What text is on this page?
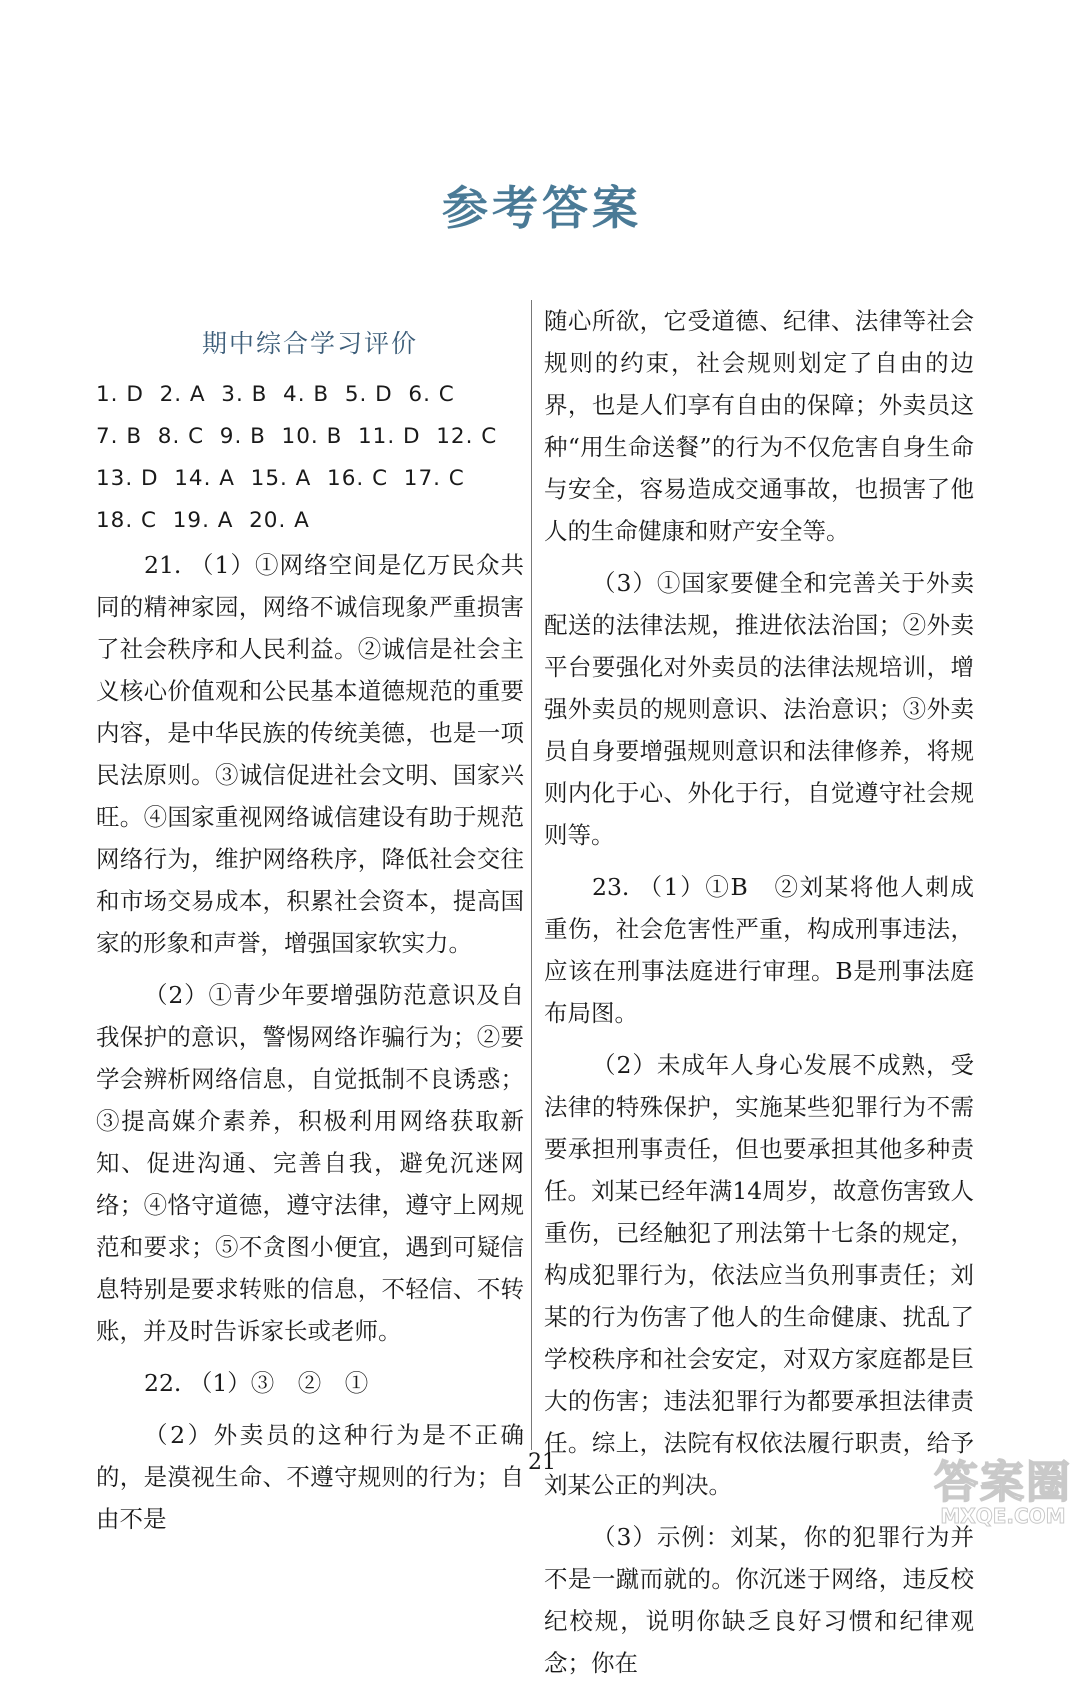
参考答案
期中综合学习评价
1. D  2. A  3. B  4. B  5. D  6. C
7. B  8. C  9. B  10. B  11. D  12. C
13. D  14. A  15. A  16. C  17. C
18. C  19. A  20. A

21. （1）①网络空间是亿万民众共同的精神家园，网络不诚信现象严重损害了社会秩序和人民利益。②诚信是社会主义核心价值观和公民基本道德规范的重要内容，是中华民族的传统美德，也是一项民法原则。③诚信促进社会文明、国家兴旺。④国家重视网络诚信建设有助于规范网络行为，维护网络秩序，降低社会交往和市场交易成本，积累社会资本，提高国家的形象和声誉，增强国家软实力。

（2）①青少年要增强防范意识及自我保护的意识，警惕网络诈骗行为；②要学会辨析网络信息，自觉抵制不良诱惑；③提高媒介素养，积极利用网络获取新知、促进沟通、完善自我，避免沉迷网络；④恪守道德，遵守法律，遵守上网规范和要求；⑤不贪图小便宜，遇到可疑信息特别是要求转账的信息，不轻信、不转账，并及时告诉家长或老师。

22. （1）③　②　①

（2）外卖员的这种行为是不正确的，是漠视生命、不遵守规则的行为；自由不是

随心所欲，它受道德、纪律、法律等社会规则的约束，社会规则划定了自由的边界，也是人们享有自由的保障；外卖员这种“用生命送餐”的行为不仅危害自身生命与安全，容易造成交通事故，也损害了他人的生命健康和财产安全等。

（3）①国家要健全和完善关于外卖配送的法律法规，推进依法治国；②外卖平台要强化对外卖员的法律法规培训，增强外卖员的规则意识、法治意识；③外卖员自身要增强规则意识和法律修养，将规则内化于心、外化于行，自觉遵守社会规则等。

23. （1）①B　②刘某将他人刺成重伤，社会危害性严重，构成刑事违法，应该在刑事法庭进行审理。B是刑事法庭布局图。

（2）未成年人身心发展不成熟，受法律的特殊保护，实施某些犯罪行为不需要承担刑事责任，但也要承担其他多种责任。刘某已经年满14周岁，故意伤害致人重伤，已经触犯了刑法第十七条的规定，构成犯罪行为，依法应当负刑事责任；刘某的行为伤害了他人的生命健康、扰乱了学校秩序和社会安定，对双方家庭都是巨大的伤害；违法犯罪行为都要承担法律责任。综上，法院有权依法履行职责，给予刘某公正的判决。

（3）示例：刘某，你的犯罪行为并不是一蹴而就的。你沉迷于网络，违反校纪校规，说明你缺乏良好习惯和纪律观念；你在

21	答案圈
MXQE.COM
